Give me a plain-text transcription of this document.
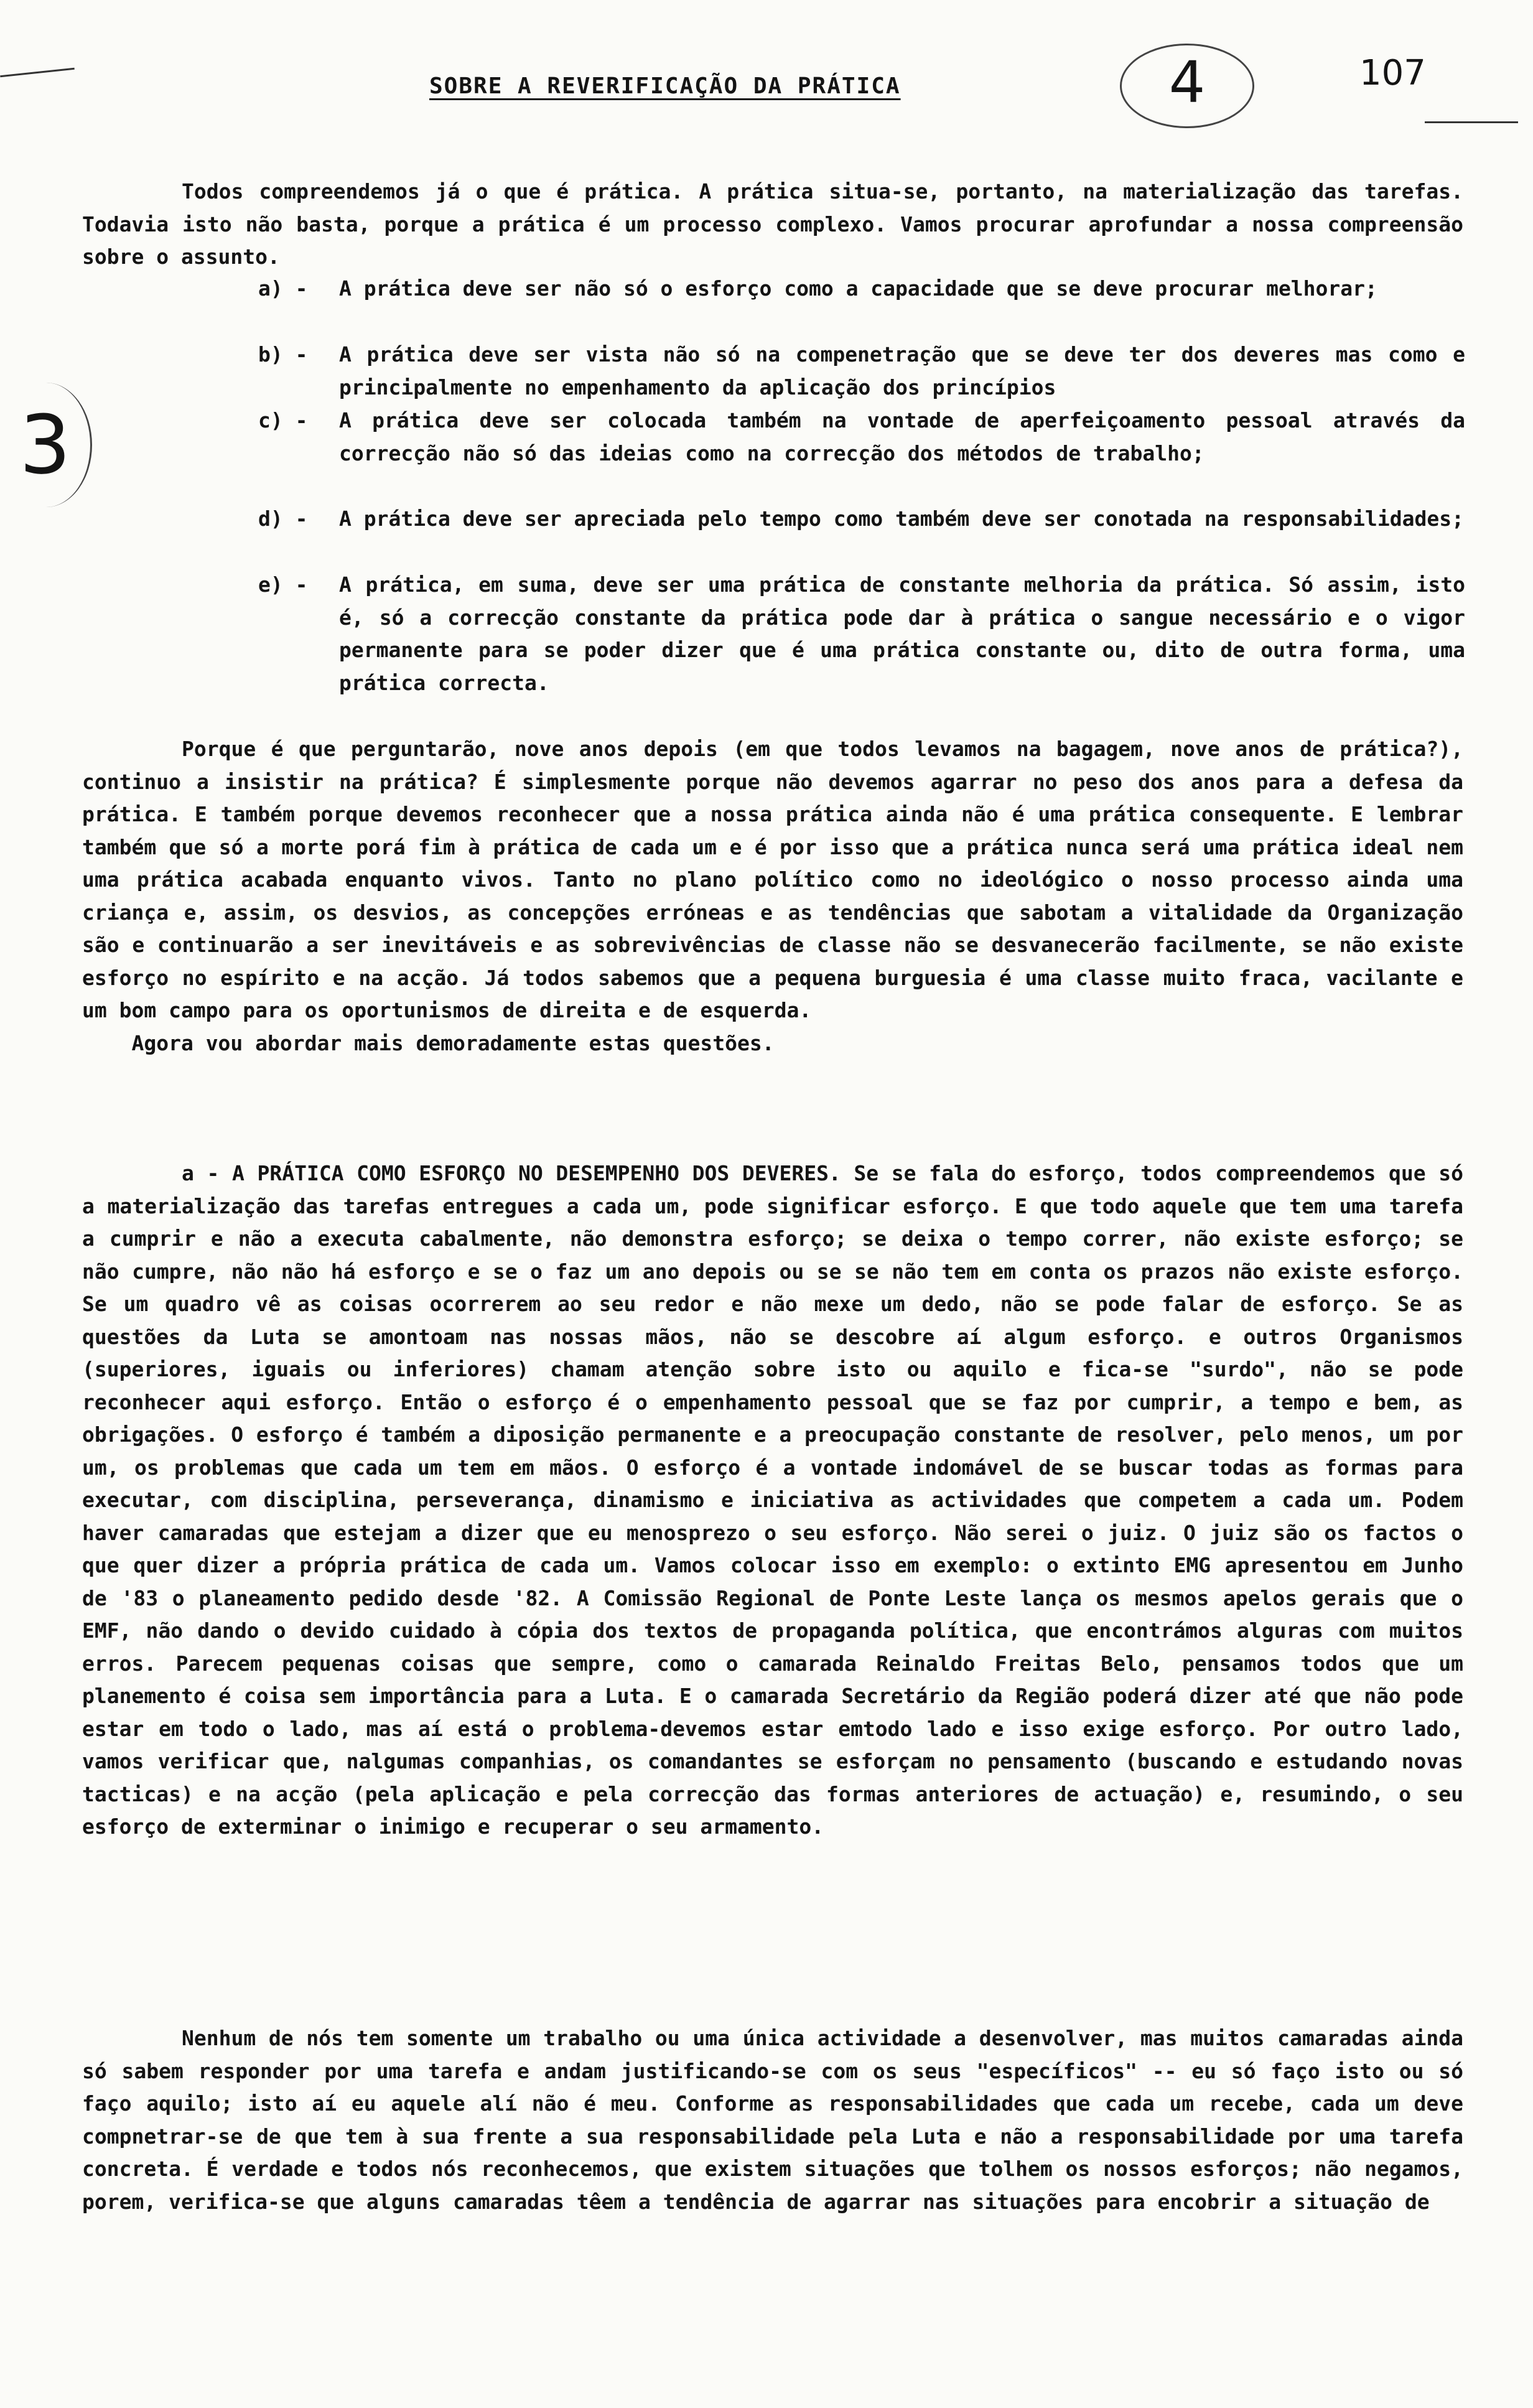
SOBRE A REVERIFICAÇÃO DA PRÁTICA	4	107
3

Todos compreendemos já o que é prática. A prática situa-se, portanto, na materialização das tarefas. Todavia isto não basta, porque a prática é um processo complexo. Vamos procurar aprofundar a nossa compreensão sobre o assunto.

a) -	A prática deve ser não só o esforço como a capacidade que se deve procurar melhorar;
b) -	A prática deve ser vista não só na compenetração que se deve ter dos deveres mas como e principalmente no empenhamento da aplicação dos princípios
c) -	A prática deve ser colocada também na vontade de aperfeiçoamento pessoal através da correcção não só das ideias como na correcção dos métodos de trabalho;
d) -	A prática deve ser apreciada pelo tempo como também deve ser conotada na responsabilidades;
e) -	A prática, em suma, deve ser uma prática de constante melhoria da prática. Só assim, isto é, só a correcção constante da prática pode dar à prática o sangue necessário e o vigor permanente para se poder dizer que é uma prática constante ou, dito de outra forma, uma prática correcta.

Porque é que perguntarão, nove anos depois (em que todos levamos na bagagem, nove anos de prática?), continuo a insistir na prática? É simplesmente porque não devemos agarrar no peso dos anos para a defesa da prática. E também porque devemos reconhecer que a nossa prática ainda não é uma prática consequente. E lembrar também que só a morte porá fim à prática de cada um e é por isso que a prática nunca será uma prática ideal nem uma prática acabada enquanto vivos. Tanto no plano político como no ideológico o nosso processo ainda uma criança e, assim, os desvios, as concepções erróneas e as tendências que sabotam a vitalidade da Organização são e continuarão a ser inevitáveis e as sobrevivências de classe não se desvanecerão facilmente, se não existe esforço no espírito e na acção. Já todos sabemos que a pequena burguesia é uma classe muito fraca, vacilante e um bom campo para os oportunismos de direita e de esquerda.
Agora vou abordar mais demoradamente estas questões.

a - A PRÁTICA COMO ESFORÇO NO DESEMPENHO DOS DEVERES. Se se fala do esforço, todos compreendemos que só a materialização das tarefas entregues a cada um, pode significar esforço. E que todo aquele que tem uma tarefa a cumprir e não a executa cabalmente, não demonstra esforço; se deixa o tempo correr, não existe esforço; se não cumpre, não não há esforço e se o faz um ano depois ou se se não tem em conta os prazos não existe esforço. Se um quadro vê as coisas ocorrerem ao seu redor e não mexe um dedo, não se pode falar de esforço. Se as questões da Luta se amontoam nas nossas mãos, não se descobre aí algum esforço. e outros Organismos (superiores, iguais ou inferiores) chamam atenção sobre isto ou aquilo e fica-se "surdo", não se pode reconhecer aqui esforço. Então o esforço é o empenhamento pessoal que se faz por cumprir, a tempo e bem, as obrigações. O esforço é também a diposição permanente e a preocupação constante de resolver, pelo menos, um por um, os problemas que cada um tem em mãos. O esforço é a vontade indomável de se buscar todas as formas para executar, com disciplina, perseverança, dinamismo e iniciativa as actividades que competem a cada um. Podem haver camaradas que estejam a dizer que eu menosprezo o seu esforço. Não serei o juiz. O juiz são os factos o que quer dizer a própria prática de cada um. Vamos colocar isso em exemplo: o extinto EMG apresentou em Junho de '83 o planeamento pedido desde '82. A Comissão Regional de Ponte Leste lança os mesmos apelos gerais que o EMF, não dando o devido cuidado à cópia dos textos de propaganda política, que encontrámos alguras com muitos erros. Parecem pequenas coisas que sempre, como o camarada Reinaldo Freitas Belo, pensamos todos que um planemento é coisa sem importância para a Luta. E o camarada Secretário da Região poderá dizer até que não pode estar em todo o lado, mas aí está o problema-devemos estar emtodo lado e isso exige esforço. Por outro lado, vamos verificar que, nalgumas companhias, os comandantes se esforçam no pensamento (buscando e estudando novas tacticas) e na acção (pela aplicação e pela correcção das formas anteriores de actuação) e, resumindo, o seu esforço de exterminar o inimigo e recuperar o seu armamento.

Nenhum de nós tem somente um trabalho ou uma única actividade a desenvolver, mas muitos camaradas ainda só sabem responder por uma tarefa e andam justificando-se com os seus "específicos" -- eu só faço isto ou só faço aquilo; isto aí eu aquele alí não é meu. Conforme as responsabilidades que cada um recebe, cada um deve compnetrar-se de que tem à sua frente a sua responsabilidade pela Luta e não a responsabilidade por uma tarefa concreta. É verdade e todos nós reconhecemos, que existem situações que tolhem os nossos esforços; não negamos, porem, verifica-se que alguns camaradas têem a tendência de agarrar nas situações para encobrir a situação de
